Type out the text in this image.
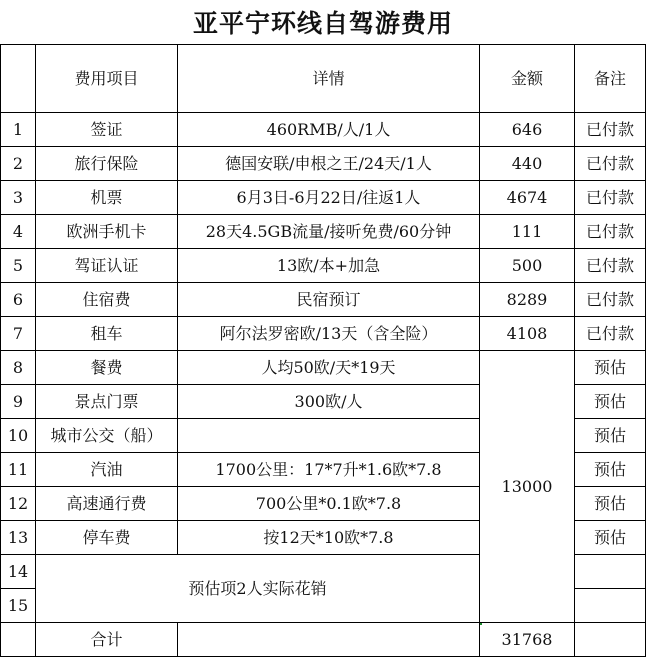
亚平宁环线自驾游费用
	费用项目	详情	金额	备注
1	签证	460RMB/人/1人	646	已付款
2	旅行保险	德国安联/申根之王/24天/1人	440	已付款
3	机票	6月3日-6月22日/往返1人	4674	已付款
4	欧洲手机卡	28天4.5GB流量/接听免费/60分钟	111	已付款
5	驾证认证	13欧/本+加急	500	已付款
6	住宿费	民宿预订	8289	已付款
7	租车	阿尔法罗密欧/13天（含全险）	4108	已付款
8	餐费	人均50欧/天*19天	13000	预估
9	景点门票	300欧/人		预估
10	城市公交（船）			预估
11	汽油	1700公里：17*7升*1.6欧*7.8		预估
12	高速通行费	700公里*0.1欧*7.8		预估
13	停车费	按12天*10欧*7.8		预估
14	预估项2人实际花销			
15				
	合计		31768	
